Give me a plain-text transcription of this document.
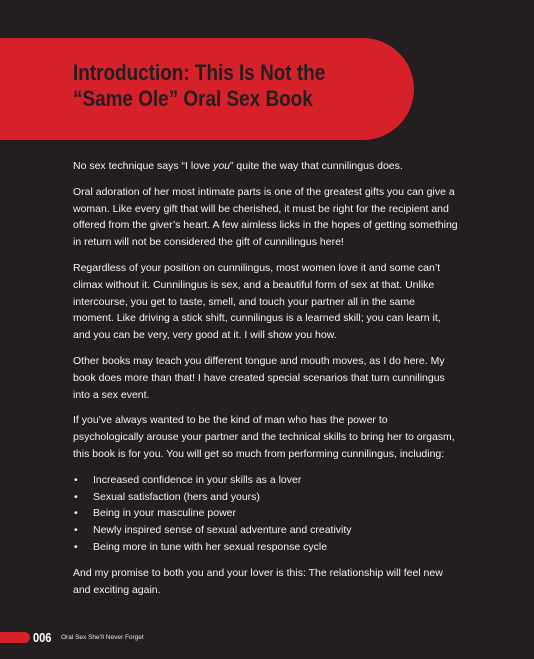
Introduction: This Is Not the
“Same Ole” Oral Sex Book

No sex technique says “I love you” quite the way that cunnilingus does.

Oral adoration of her most intimate parts is one of the greatest gifts you can give a woman. Like every gift that will be cherished, it must be right for the recipient and offered from the giver’s heart. A few aimless licks in the hopes of getting something in return will not be considered the gift of cunnilingus here!

Regardless of your position on cunnilingus, most women love it and some can’t climax without it. Cunnilingus is sex, and a beautiful form of sex at that. Unlike intercourse, you get to taste, smell, and touch your partner all in the same moment. Like driving a stick shift, cunnilingus is a learned skill; you can learn it, and you can be very, very good at it. I will show you how.

Other books may teach you different tongue and mouth moves, as I do here. My book does more than that! I have created special scenarios that turn cunnilingus into a sex event.

If you’ve always wanted to be the kind of man who has the power to psychologically arouse your partner and the technical skills to bring her to orgasm, this book is for you. You will get so much from performing cunnilingus, including:

• Increased confidence in your skills as a lover
• Sexual satisfaction (hers and yours)
• Being in your masculine power
• Newly inspired sense of sexual adventure and creativity
• Being more in tune with her sexual response cycle

And my promise to both you and your lover is this: The relationship will feel new and exciting again.

006 Oral Sex She’ll Never Forget
